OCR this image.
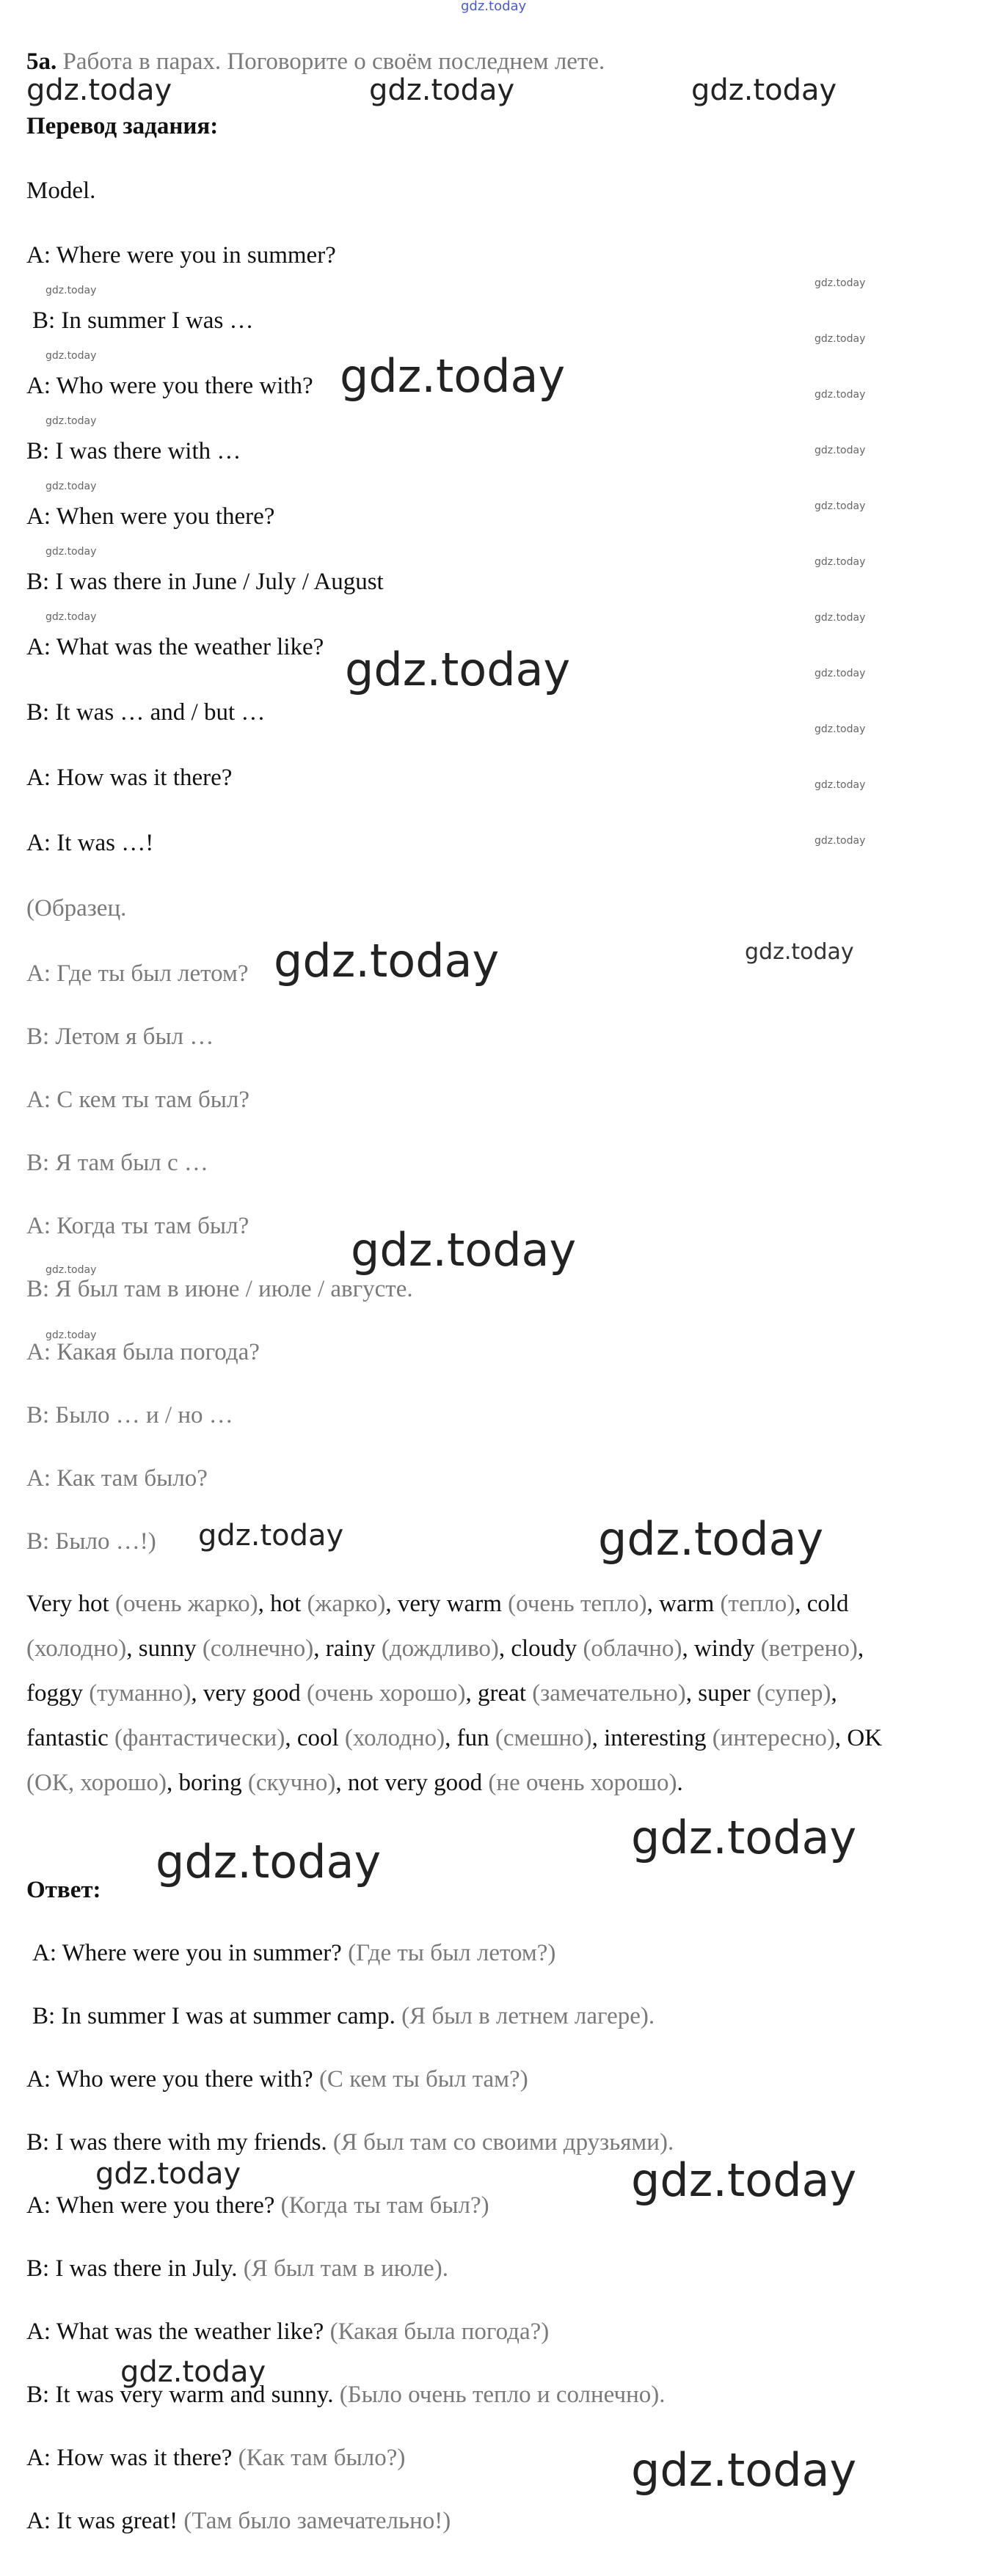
gdz.today
5a. Работа в парах. Поговорите о своём последнем лете.
gdz.today	gdz.today	gdz.today
Перевод задания:
Model.
A: Where were you in summer?
B: In summer I was …
A: Who were you there with?
B: I was there with …
A: When were you there?
B: I was there in June / July / August
A: What was the weather like?
B: It was … and / but …
A: How was it there?
A: It was …!
gdz.today
gdz.today
gdz.today
gdz.today
gdz.today
gdz.today
gdz.today
gdz.today
gdz.today
gdz.today
gdz.today
gdz.today
gdz.today
gdz.today
gdz.today
gdz.today
gdz.today
gdz.today
gdz.today
gdz.today
gdz.today
gdz.today	gdz.today
(Образец.
A: Где ты был летом?
B: Летом я был …
A: С кем ты там был?
B: Я там был с …
A: Когда ты там был?
B: Я был там в июне / июле / августе.
A: Какая была погода?
B: Было … и / но …
A: Как там было?
B: Было …!)
gdz.today
gdz.today	gdz.today
Very hot (очень жарко), hot (жарко), very warm (очень тепло), warm (тепло), cold (холодно), sunny (солнечно), rainy (дождливо), cloudy (облачно), windy (ветрено), foggy (туманно), very good (очень хорошо), great (замечательно), super (супер), fantastic (фантастически), cool (холодно), fun (смешно), interesting (интересно), OK (ОК, хорошо), boring (скучно), not very good (не очень хорошо).
gdz.today	gdz.today
Ответ:
A: Where were you in summer? (Где ты был летом?)
B: In summer I was at summer camp. (Я был в летнем лагере).
A: Who were you there with? (С кем ты был там?)
B: I was there with my friends. (Я был там со своими друзьями).
A: When were you there? (Когда ты там был?)
B: I was there in July. (Я был там в июле).
A: What was the weather like? (Какая была погода?)
B: It was very warm and sunny. (Было очень тепло и солнечно).
A: How was it there? (Как там было?)
A: It was great! (Там было замечательно!)
gdz.today	gdz.today
gdz.today
gdz.today
